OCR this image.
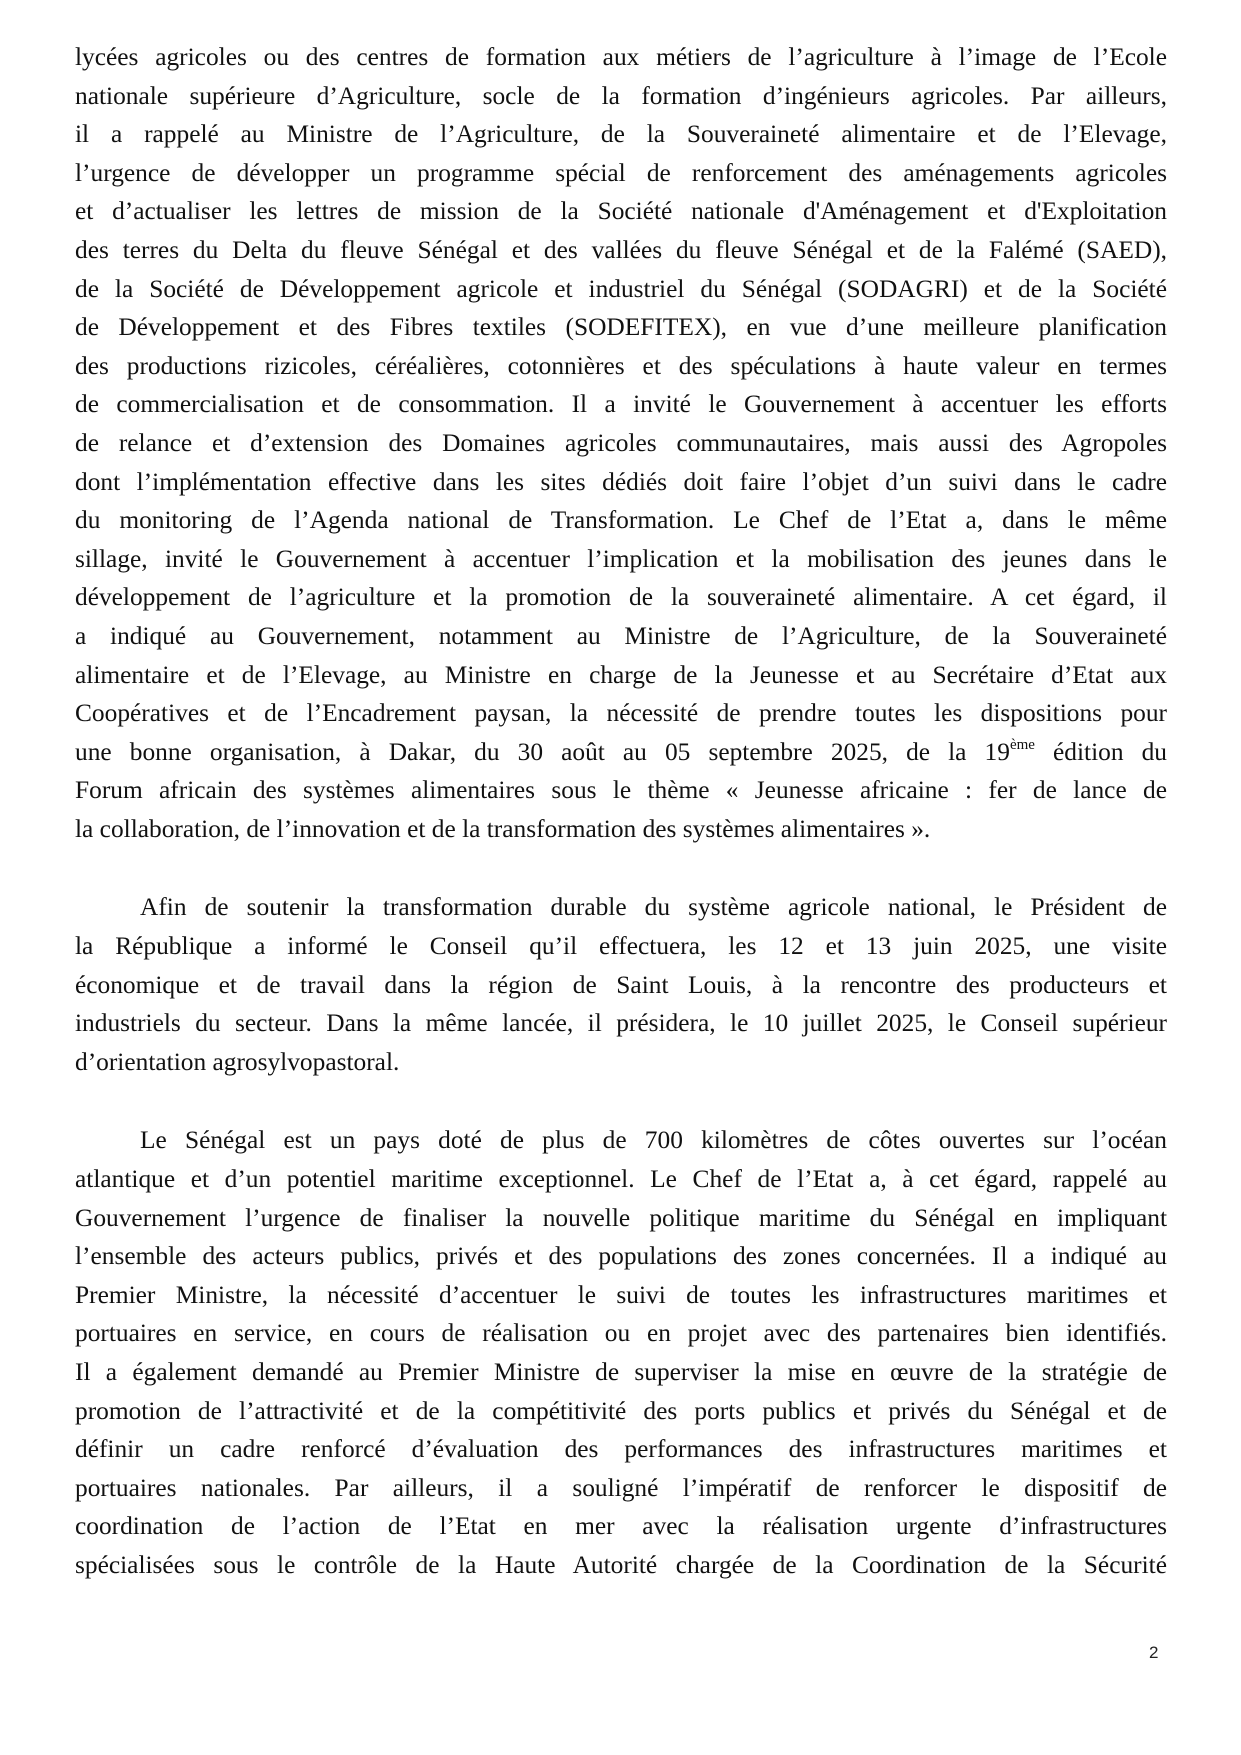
lycées agricoles ou des centres de formation aux métiers de l’agriculture à l’image de l’Ecole
nationale supérieure d’Agriculture, socle de la formation d’ingénieurs agricoles. Par ailleurs,
il a rappelé au Ministre de l’Agriculture, de la Souveraineté alimentaire et de l’Elevage,
l’urgence de développer un programme spécial de renforcement des aménagements agricoles
et d’actualiser les lettres de mission de la Société nationale d'Aménagement et d'Exploitation
des terres du Delta du fleuve Sénégal et des vallées du fleuve Sénégal et de la Falémé (SAED),
de la Société de Développement agricole et industriel du Sénégal (SODAGRI) et de la Société
de Développement et des Fibres textiles (SODEFITEX), en vue d’une meilleure planification
des productions rizicoles, céréalières, cotonnières et des spéculations à haute valeur en termes
de commercialisation et de consommation. Il a invité le Gouvernement à accentuer les efforts
de relance et d’extension des Domaines agricoles communautaires, mais aussi des Agropoles
dont l’implémentation effective dans les sites dédiés doit faire l’objet d’un suivi dans le cadre
du monitoring de l’Agenda national de Transformation. Le Chef de l’Etat a, dans le même
sillage, invité le Gouvernement à accentuer l’implication et la mobilisation des jeunes dans le
développement de l’agriculture et la promotion de la souveraineté alimentaire. A cet égard, il
a indiqué au Gouvernement, notamment au Ministre de l’Agriculture, de la Souveraineté
alimentaire et de l’Elevage, au Ministre en charge de la Jeunesse et au Secrétaire d’Etat aux
Coopératives et de l’Encadrement paysan, la nécessité de prendre toutes les dispositions pour
une bonne organisation, à Dakar, du 30 août au 05 septembre 2025, de la 19ème édition du
Forum africain des systèmes alimentaires sous le thème « Jeunesse africaine : fer de lance de
la collaboration, de l’innovation et de la transformation des systèmes alimentaires ».
Afin de soutenir la transformation durable du système agricole national, le Président de
la République a informé le Conseil qu’il effectuera, les 12 et 13 juin 2025, une visite
économique et de travail dans la région de Saint Louis, à la rencontre des producteurs et
industriels du secteur. Dans la même lancée, il présidera, le 10 juillet 2025, le Conseil supérieur
d’orientation agrosylvopastoral.
Le Sénégal est un pays doté de plus de 700 kilomètres de côtes ouvertes sur l’océan
atlantique et d’un potentiel maritime exceptionnel. Le Chef de l’Etat a, à cet égard, rappelé au
Gouvernement l’urgence de finaliser la nouvelle politique maritime du Sénégal en impliquant
l’ensemble des acteurs publics, privés et des populations des zones concernées. Il a indiqué au
Premier Ministre, la nécessité d’accentuer le suivi de toutes les infrastructures maritimes et
portuaires en service, en cours de réalisation ou en projet avec des partenaires bien identifiés.
Il a également demandé au Premier Ministre de superviser la mise en œuvre de la stratégie de
promotion de l’attractivité et de la compétitivité des ports publics et privés du Sénégal et de
définir un cadre renforcé d’évaluation des performances des infrastructures maritimes et
portuaires nationales. Par ailleurs, il a souligné l’impératif de renforcer le dispositif de
coordination de l’action de l’Etat en mer avec la réalisation urgente d’infrastructures
spécialisées sous le contrôle de la Haute Autorité chargée de la Coordination de la Sécurité
2
